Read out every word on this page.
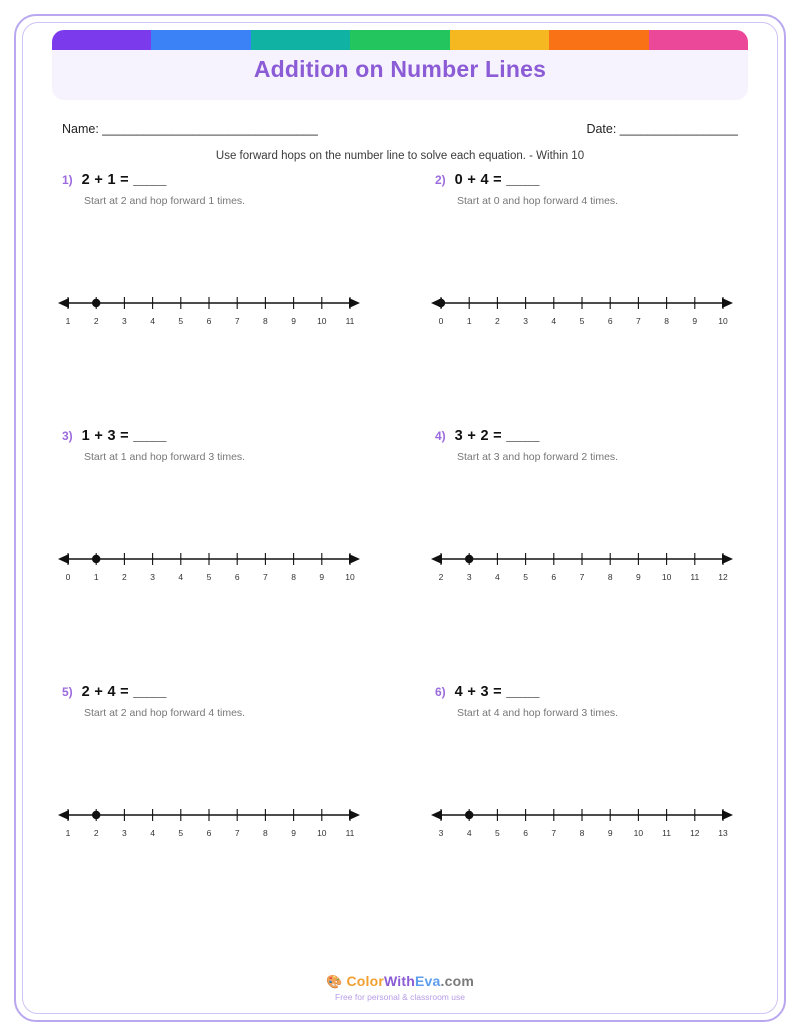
Addition on Number Lines
Name: _______________________________	Date: _________________
Use forward hops on the number line to solve each equation. - Within 10
1) 2 + 1 = ____
Start at 2 and hop forward 1 times.
1	2	3	4	5	6	7	8	9 10 11
2) 0 + 4 = ____
Start at 0 and hop forward 4 times.
0	1	2	3	4	5	6	7	8	9 10
3) 1 + 3 = ____
Start at 1 and hop forward 3 times.
0	1	2	3	4	5	6	7	8	9 10
4) 3 + 2 = ____
Start at 3 and hop forward 2 times.
2	3	4	5	6	7	8	9 10 11 12
5) 2 + 4 = ____
Start at 2 and hop forward 4 times.
1	2	3	4	5	6	7	8	9 10 11
6) 4 + 3 = ____
Start at 4 and hop forward 3 times.
3	4	5	6	7	8	9 10 11 12 13
🎨 ColorWithEva.com
Free for personal & classroom use
